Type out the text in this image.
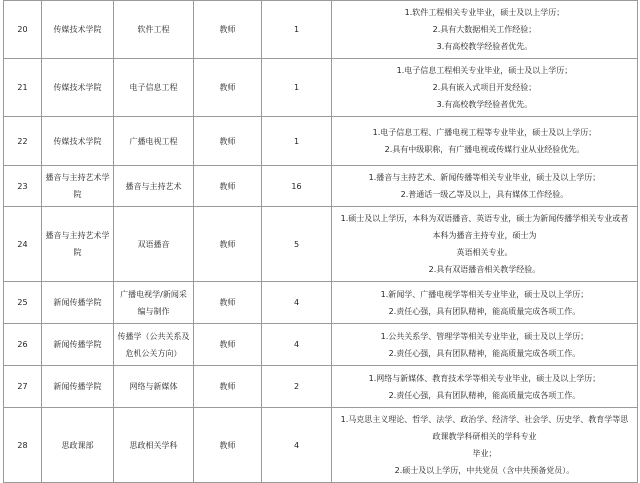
20	传媒技术学院	软件工程	教师	1	1.软件工程相关专业毕业，硕士及以上学历；
2.具有大数据相关工作经验；
3.有高校教学经验者优先。

21	传媒技术学院	电子信息工程	教师	1	1.电子信息工程相关专业毕业，硕士及以上学历；
2.具有嵌入式项目开发经验；
3.有高校教学经验者优先。

22	传媒技术学院	广播电视工程	教师	1	1.电子信息工程、广播电视工程等专业毕业，硕士及以上学历；
2.具有中级职称，有广播电视或传媒行业从业经验优先。

23	播音与主持艺术学院	播音与主持艺术	教师	16	1.播音与主持艺术、新闻传播等相关专业毕业，硕士及以上学历；
2.普通话一级乙等及以上，具有媒体工作经验。

24	播音与主持艺术学院	双语播音	教师	5	1.硕士及以上学历，本科为双语播音、英语专业，硕士为新闻传播学相关专业或者本科为播音主持专业，硕士为
英语相关专业。
2.具有双语播音相关教学经验。

25	新闻传播学院	广播电视学/新闻采编与制作	教师	4	1.新闻学、广播电视学等相关专业毕业，硕士及以上学历；
2.责任心强，具有团队精神，能高质量完成各项工作。

26	新闻传播学院	传播学（公共关系及危机公关方向）	教师	4	1.公共关系学、管理学等相关专业毕业，硕士及以上学历；
2.责任心强，具有团队精神，能高质量完成各项工作。

27	新闻传播学院	网络与新媒体	教师	2	1.网络与新媒体、教育技术学等相关专业毕业，硕士及以上学历；
2.责任心强，具有团队精神，能高质量完成各项工作。

28	思政课部	思政相关学科	教师	4	1.马克思主义理论、哲学、法学、政治学、经济学、社会学、历史学、教育学等思政课教学科研相关的学科专业
毕业；
2.硕士及以上学历，中共党员（含中共预备党员）。
